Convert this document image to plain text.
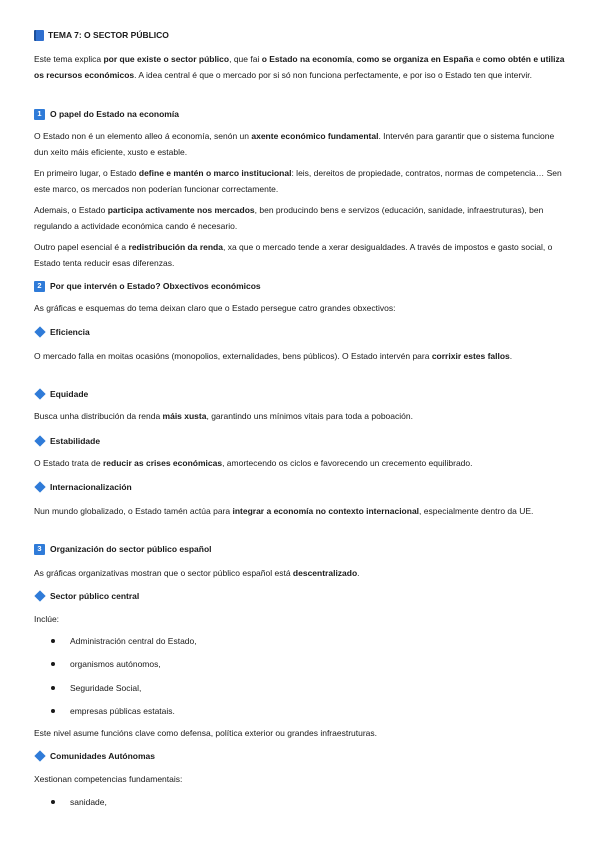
TEMA 7: O SECTOR PÚBLICO
Este tema explica por que existe o sector público, que fai o Estado na economía, como se organiza en España e como obtén e utiliza os recursos económicos. A idea central é que o mercado por si só non funciona perfectamente, e por iso o Estado ten que intervir.
1 O papel do Estado na economía
O Estado non é un elemento alleo á economía, senón un axente económico fundamental. Intervén para garantir que o sistema funcione dun xeito máis eficiente, xusto e estable.
En primeiro lugar, o Estado define e mantén o marco institucional: leis, dereitos de propiedade, contratos, normas de competencia… Sen este marco, os mercados non poderían funcionar correctamente.
Ademais, o Estado participa activamente nos mercados, ben producindo bens e servizos (educación, sanidade, infraestruturas), ben regulando a actividade económica cando é necesario.
Outro papel esencial é a redistribución da renda, xa que o mercado tende a xerar desigualdades. A través de impostos e gasto social, o Estado tenta reducir esas diferenzas.
2 Por que intervén o Estado? Obxectivos económicos
As gráficas e esquemas do tema deixan claro que o Estado persegue catro grandes obxectivos:
Eficiencia
O mercado falla en moitas ocasións (monopolios, externalidades, bens públicos). O Estado intervén para corrixir estes fallos.
Equidade
Busca unha distribución da renda máis xusta, garantindo uns mínimos vitais para toda a poboación.
Estabilidade
O Estado trata de reducir as crises económicas, amortecendo os ciclos e favorecendo un crecemento equilibrado.
Internacionalización
Nun mundo globalizado, o Estado tamén actúa para integrar a economía no contexto internacional, especialmente dentro da UE.
3 Organización do sector público español
As gráficas organizativas mostran que o sector público español está descentralizado.
Sector público central
Inclúe:
Administración central do Estado,
organismos autónomos,
Seguridade Social,
empresas públicas estatais.
Este nivel asume funcións clave como defensa, política exterior ou grandes infraestruturas.
Comunidades Autónomas
Xestionan competencias fundamentais:
sanidade,
